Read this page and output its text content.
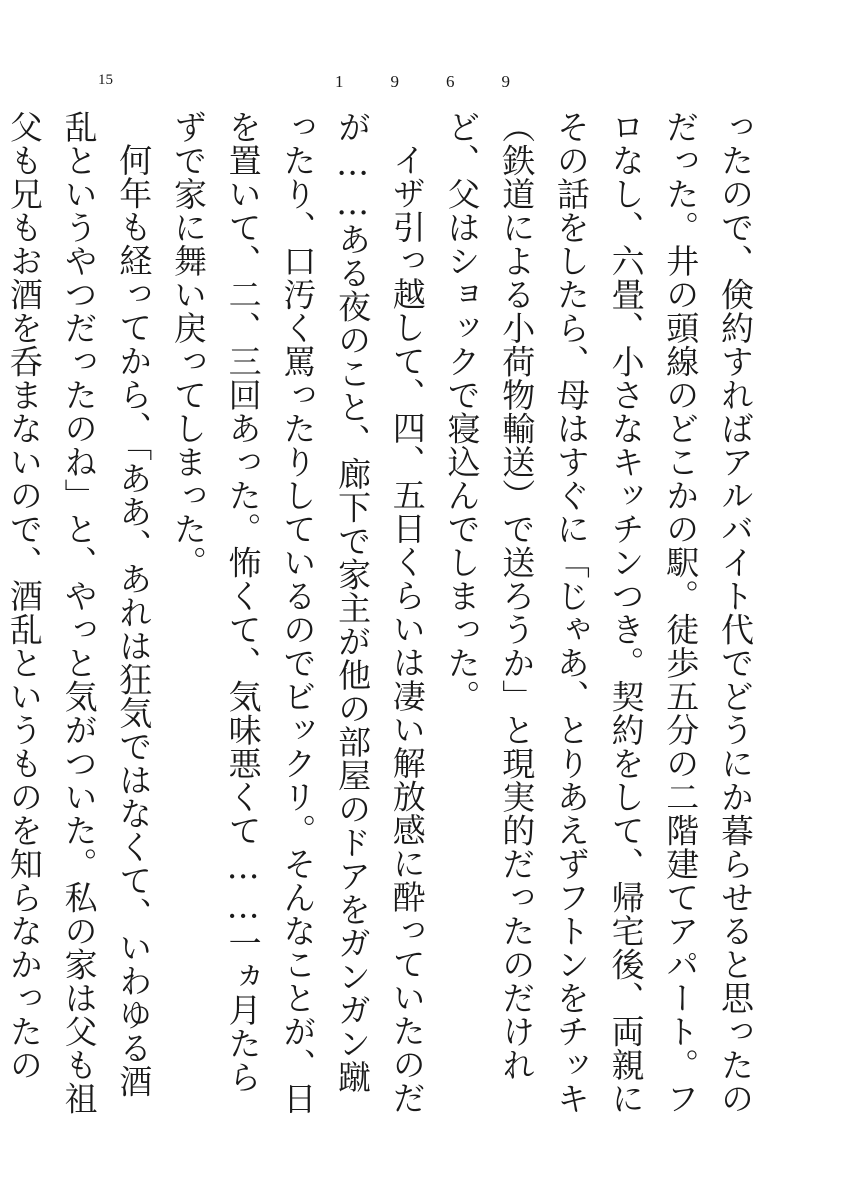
15	1	9	6	9

ったので、倹約すればアルバイト代でどうにか暮らせると思ったのだった。井の頭線のどこかの駅。徒歩五分の二階建てアパート。フロなし、六畳、小さなキッチンつき。契約をして、帰宅後、両親にその話をしたら、母はすぐに「じゃあ、とりあえずフトンをチッキ（鉄道による小荷物輸送）で送ろうか」と現実的だったのだけれど、父はショックで寝込んでしまった。

イザ引っ越して、四、五日くらいは凄い解放感に酔っていたのだが……ある夜のこと、廊下で家主が他の部屋のドアをガンガン蹴ったり、口汚く罵ったりしているのでビックリ。そんなことが、日を置いて、二、三回あった。怖くて、気味悪くて……一ヵ月たらずで家に舞い戻ってしまった。

何年も経ってから、「ああ、あれは狂気ではなくて、いわゆる酒乱というやつだったのね」と、やっと気がついた。私の家は父も祖父も兄もお酒を呑まないので、酒乱というものを知らなかったの
